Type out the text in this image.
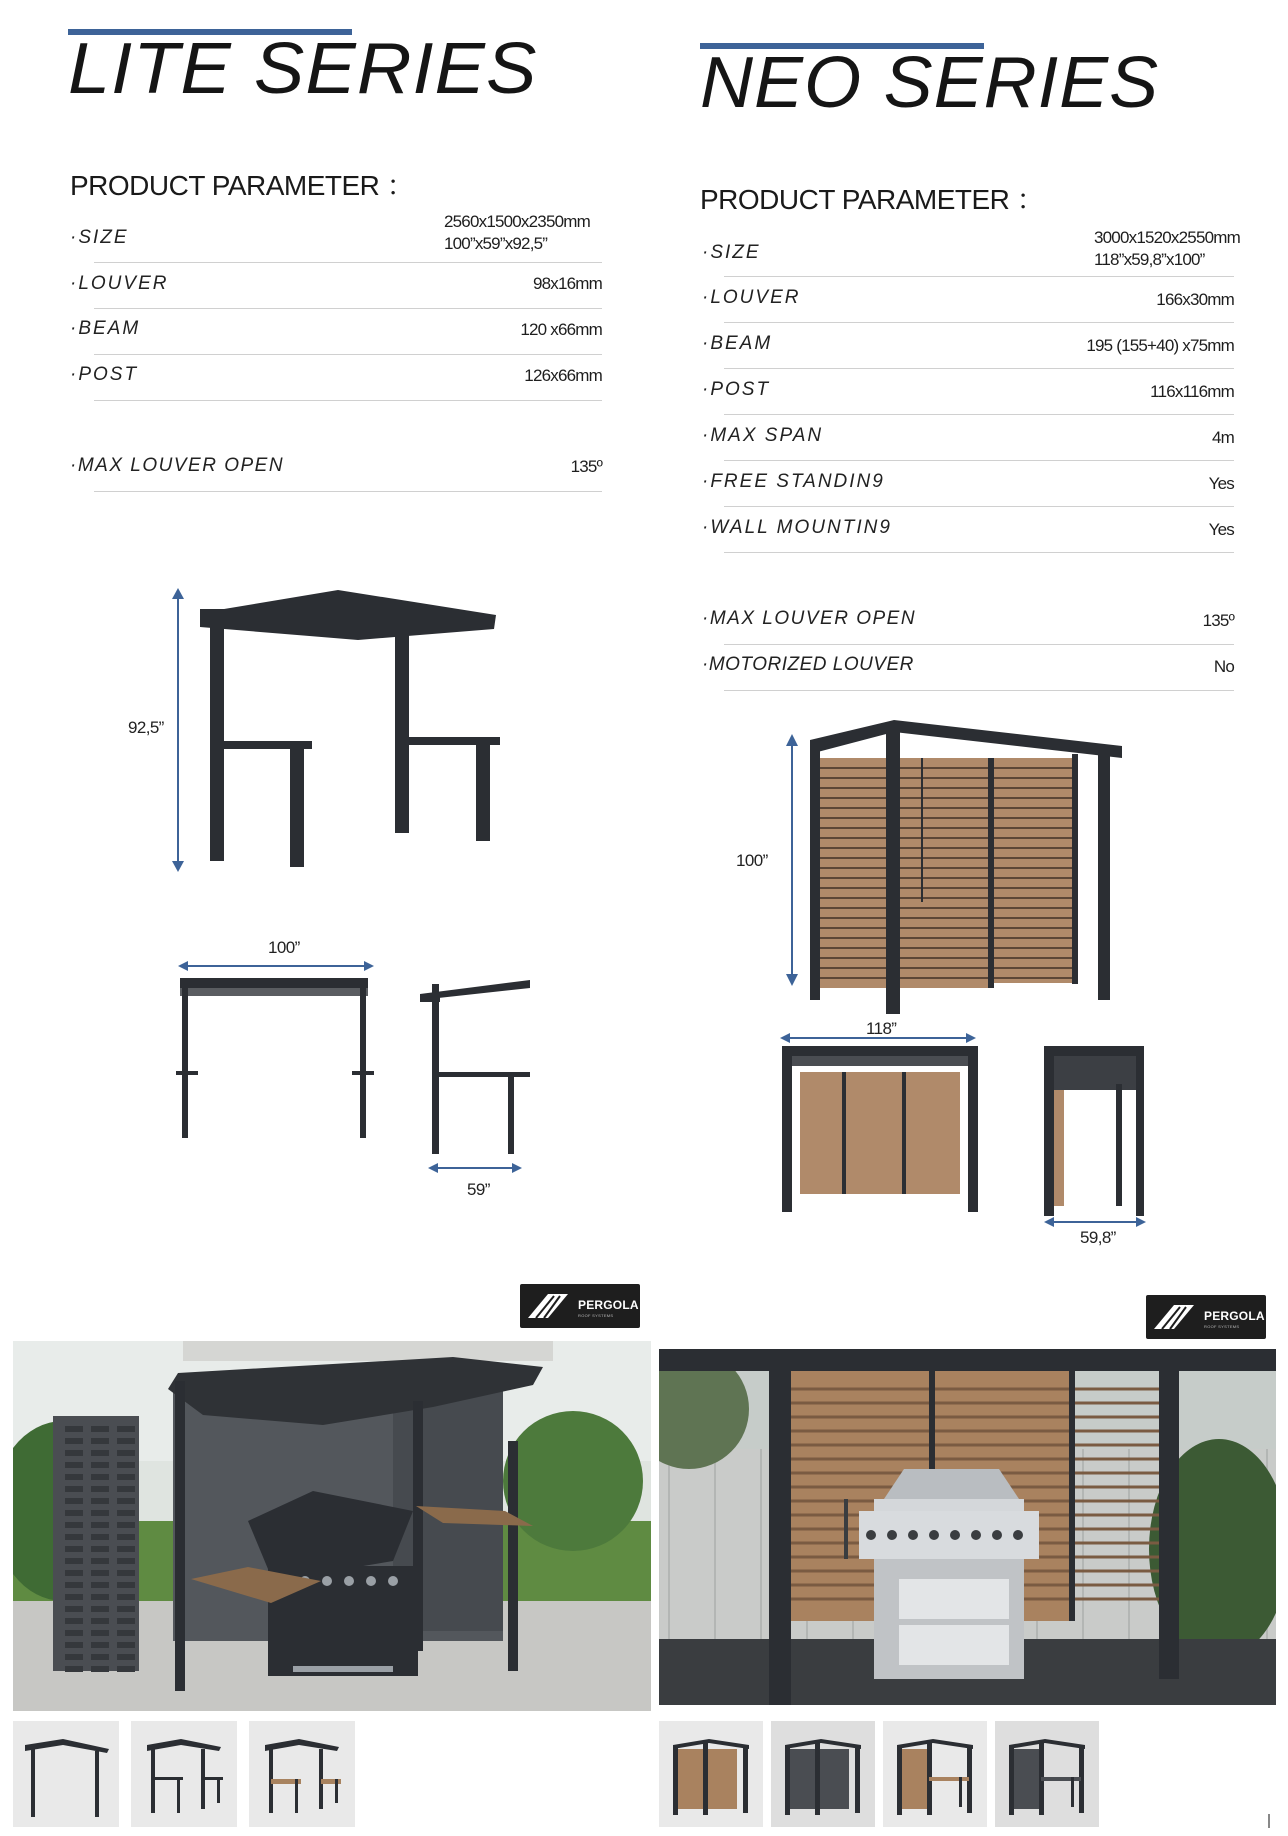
LITE SERIES
PRODUCT PARAMETER ：
·SIZE
2560x1500x2350mm
100”x59”x92,5”
·LOUVER	98x16mm
·BEAM	120 x66mm
·POST	126x66mm
·MAX LOUVER OPEN	135º
92,5”
100”
59”
NEO SERIES
PRODUCT PARAMETER ：
·SIZE
3000x1520x2550mm
118”x59,8”x100”
·LOUVER	166x30mm
·BEAM	195 (155+40) x75mm
·POST	116x116mm
·MAX SPAN	4m
·FREE STANDIN9	Yes
·WALL MOUNTIN9	Yes
·MAX LOUVER OPEN	135º
·MOTORIZED LOUVER	No
100”
118”
59,8”
PERGOLA
ROOF SYSTEMS	PERGOLA
ROOF SYSTEMS
